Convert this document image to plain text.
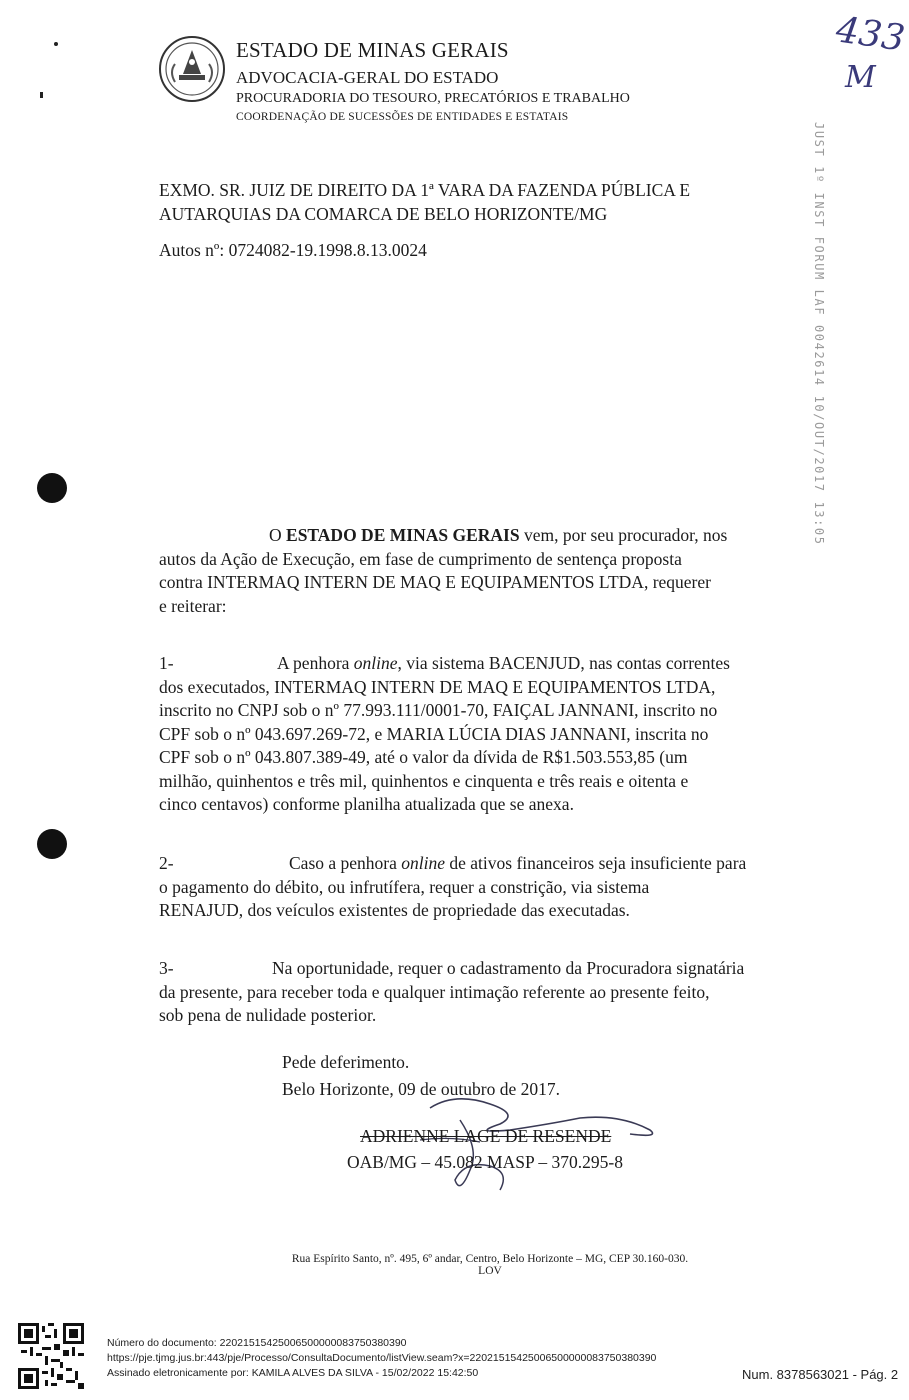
ESTADO DE MINAS GERAIS
ADVOCACIA-GERAL DO ESTADO
PROCURADORIA DO TESOURO, PRECATÓRIOS E TRABALHO
COORDENAÇÃO DE SUCESSÕES DE ENTIDADES E ESTATAIS
433
M
JUST 1º INST FORUM LAF 0042614 10/OUT/2017 13:05
EXMO. SR. JUIZ DE DIREITO DA 1ª VARA DA FAZENDA PÚBLICA E
AUTARQUIAS DA COMARCA DE BELO HORIZONTE/MG
Autos nº: 0724082-19.1998.8.13.0024
O ESTADO DE MINAS GERAIS vem, por seu procurador, nos
autos da Ação de Execução, em fase de cumprimento de sentença proposta
contra INTERMAQ INTERN DE MAQ E EQUIPAMENTOS LTDA, requerer
e reiterar:
1-	A penhora online, via sistema BACENJUD, nas contas correntes
dos executados, INTERMAQ INTERN DE MAQ E EQUIPAMENTOS LTDA,
inscrito no CNPJ sob o nº 77.993.111/0001-70, FAIÇAL JANNANI, inscrito no
CPF sob o nº 043.697.269-72, e MARIA LÚCIA DIAS JANNANI, inscrita no
CPF sob o nº 043.807.389-49, até o valor da dívida de R$1.503.553,85 (um
milhão, quinhentos e três mil, quinhentos e cinquenta e três reais e oitenta e
cinco centavos) conforme planilha atualizada que se anexa.
2-	Caso a penhora online de ativos financeiros seja insuficiente para
o pagamento do débito, ou infrutífera, requer a constrição, via sistema
RENAJUD, dos veículos existentes de propriedade das executadas.
3-	Na oportunidade, requer o cadastramento da Procuradora signatária
da presente, para receber toda e qualquer intimação referente ao presente feito,
sob pena de nulidade posterior.
Pede deferimento.
Belo Horizonte, 09 de outubro de 2017.
ADRIENNE LAGE DE RESENDE
OAB/MG – 45.082 MASP – 370.295-8
Rua Espírito Santo, nº. 495, 6º andar, Centro, Belo Horizonte – MG, CEP 30.160-030.
LOV
Número do documento: 22021515425006500000083750380390
https://pje.tjmg.jus.br:443/pje/Processo/ConsultaDocumento/listView.seam?x=22021515425006500000083750380390
Assinado eletronicamente por: KAMILA ALVES DA SILVA - 15/02/2022 15:42:50	Num. 8378563021 - Pág. 2
